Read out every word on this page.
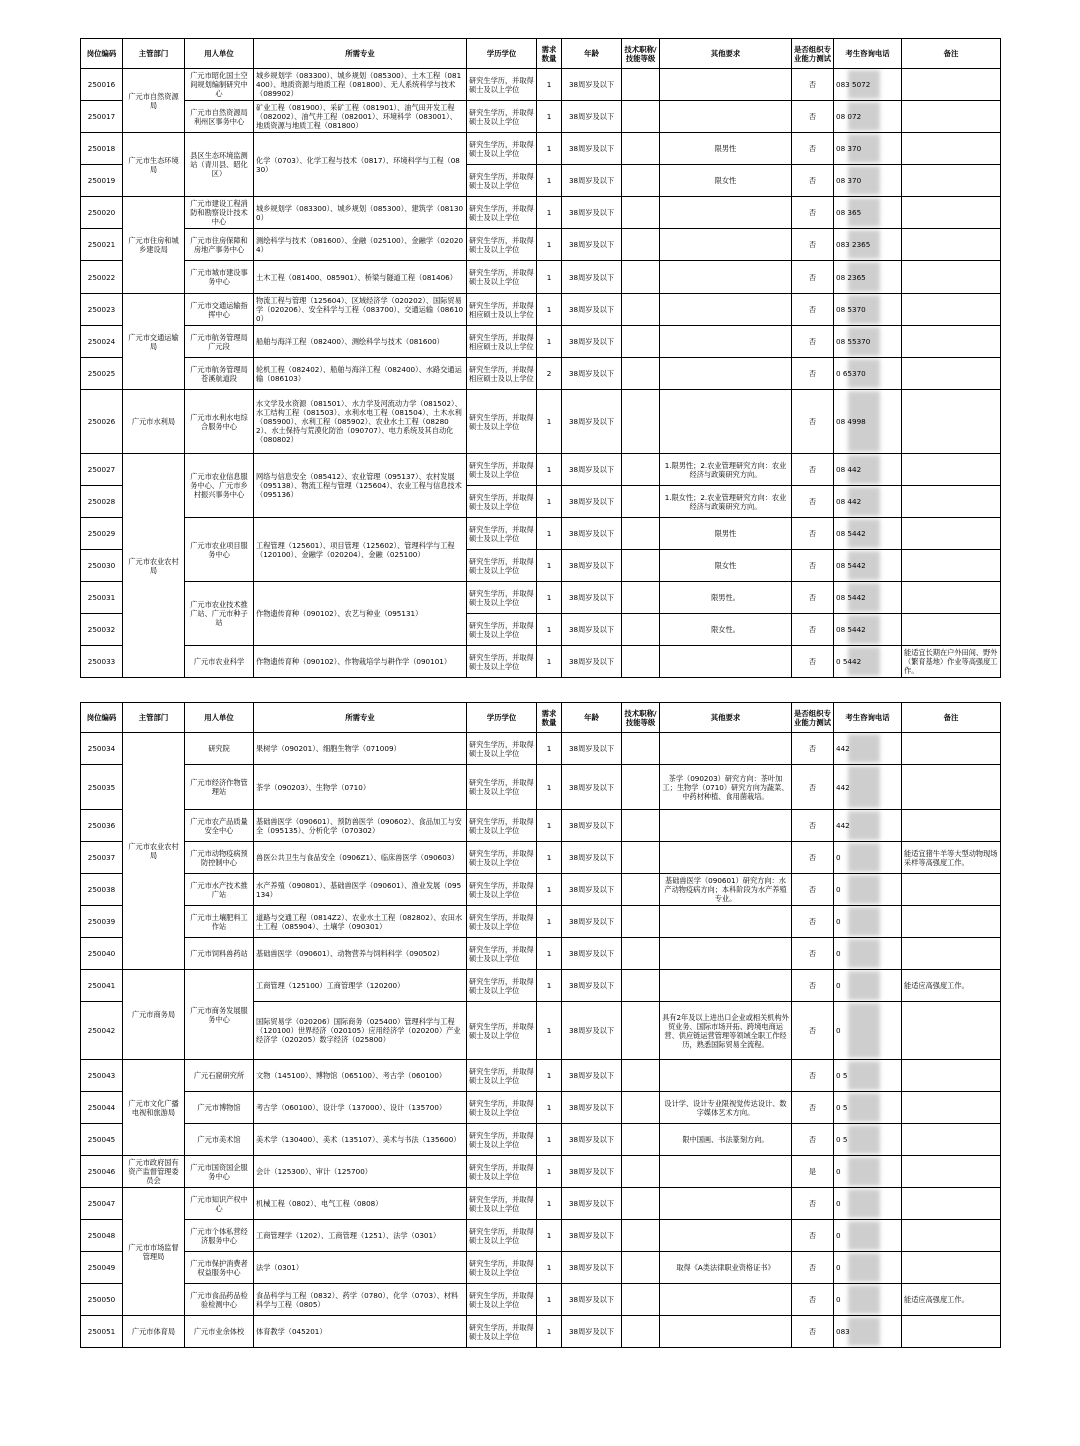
岗位编码	主管部门	用人单位	所需专业	学历学位	需求数量	年龄	技术职称/技能等级	其他要求	是否组织专业能力测试	考生咨询电话	备注
250016	广元市自然资源局	广元市昭化国土空间规划编制研究中心	城乡规划学（083300）、城乡规划（085300）、土木工程（081400）、地质资源与地质工程（081800）、无人系统科学与技术（089902）	研究生学历，并取得硕士及以上学位	1	38周岁及以下			否	083 5072	
250017		广元市自然资源局利州区事务中心	矿业工程（081900）、采矿工程（081901）、油气田开发工程（082002）、油气井工程（082001）、环境科学（083001）、地质资源与地质工程（081800）	研究生学历，并取得硕士及以上学位	1	38周岁及以下			否	08 072	
250018	广元市生态环境局	县区生态环境监测站（青川县、昭化区）	化学（0703）、化学工程与技术（0817）、环境科学与工程（0830）	研究生学历，并取得硕士及以上学位	1	38周岁及以下		限男性	否	08 370	
250019				研究生学历，并取得硕士及以上学位	1	38周岁及以下		限女性	否	08 370	
250020	广元市住房和城乡建设局	广元市建设工程消防和勘察设计技术中心	城乡规划学（083300）、城乡规划（085300）、建筑学（081300）	研究生学历，并取得硕士及以上学位	1	38周岁及以下			否	08 365	
250021		广元市住房保障和房地产事务中心	测绘科学与技术（081600）、金融（025100）、金融学（020204）	研究生学历，并取得硕士及以上学位	1	38周岁及以下			否	083 2365	
250022		广元市城市建设事务中心	土木工程（081400、085901）、桥梁与隧道工程（081406）	研究生学历，并取得硕士及以上学位	1	38周岁及以下			否	08 2365	
250023	广元市交通运输局	广元市交通运输指挥中心	物流工程与管理（125604）、区域经济学（020202）、国际贸易学（020206）、安全科学与工程（083700）、交通运输（086100）	研究生学历，并取得相应硕士及以上学位	1	38周岁及以下			否	08 5370	
250024		广元市航务管理局广元段	船舶与海洋工程（082400）、测绘科学与技术（081600）	研究生学历，并取得相应硕士及以上学位	1	38周岁及以下			否	08 55370	
250025		广元市航务管理局苍溪航道段	轮机工程（082402）、船舶与海洋工程（082400）、水路交通运输（086103）	研究生学历，并取得相应硕士及以上学位	2	38周岁及以下			否	0 65370	
250026	广元市水利局	广元市水利水电综合服务中心	水文学及水资源（081501）、水力学及河流动力学（081502）、水工结构工程（081503）、水利水电工程（081504）、土木水利（085900）、水利工程（085902）、农业水土工程（082802）、水土保持与荒漠化防治（090707）、电力系统及其自动化（080802）	研究生学历，并取得硕士及以上学位	1	38周岁及以下			否	08 4998	
250027	广元市农业农村局	广元市农业信息服务中心、广元市乡村振兴事务中心	网络与信息安全（085412）、农业管理（095137）、农村发展（095138）、物流工程与管理（125604）、农业工程与信息技术（095136）	研究生学历，并取得硕士及以上学位	1	38周岁及以下		1.限男性；2.农业管理研究方向：农业经济与政策研究方向。	否	08 442	
250028				研究生学历，并取得硕士及以上学位	1	38周岁及以下		1.限女性；2.农业管理研究方向：农业经济与政策研究方向。	否	08 442	
250029		广元市农业项目服务中心	工程管理（125601）、项目管理（125602）、管理科学与工程（120100）、金融学（020204）、金融（025100）	研究生学历，并取得硕士及以上学位	1	38周岁及以下		限男性	否	08 5442	
250030				研究生学历，并取得硕士及以上学位	1	38周岁及以下		限女性	否	08 5442	
250031		广元市农业技术推广站、广元市种子站	作物遗传育种（090102）、农艺与种业（095131）	研究生学历，并取得硕士及以上学位	1	38周岁及以下		限男性。	否	08 5442	
250032				研究生学历，并取得硕士及以上学位	1	38周岁及以下		限女性。	否	08 5442	
250033		广元市农业科学	作物遗传育种（090102）、作物栽培学与耕作学（090101）	研究生学历，并取得硕士及以上学位	1	38周岁及以下			否	0 5442	能适宜长期在户外田间、野外（繁育基地）作业等高强度工作。
岗位编码	主管部门	用人单位	所需专业	学历学位	需求数量	年龄	技术职称/技能等级	其他要求	是否组织专业能力测试	考生咨询电话	备注
250034	广元市农业农村局	研究院	果树学（090201）、细胞生物学（071009）	研究生学历，并取得硕士及以上学位	1	38周岁及以下			否	442	
250035		广元市经济作物管理站	茶学（090203）、生物学（0710）	研究生学历，并取得硕士及以上学位	1	38周岁及以下		茶学（090203）研究方向：茶叶加工；生物学（0710）研究方向为蔬菜、中药材种植、食用菌栽培。	否	442	
250036		广元市农产品质量安全中心	基础兽医学（090601）、预防兽医学（090602）、食品加工与安全（095135）、分析化学（070302）	研究生学历，并取得硕士及以上学位	1	38周岁及以下			否	442	
250037		广元市动物疫病预防控制中心	兽医公共卫生与食品安全（0906Z1）、临床兽医学（090603）	研究生学历，并取得硕士及以上学位	1	38周岁及以下			否	0	能适宜猪牛羊等大型动物现场采样等高强度工作。
250038		广元市水产技术推广站	水产养殖（090801）、基础兽医学（090601）、渔业发展（095134）	研究生学历，并取得硕士及以上学位	1	38周岁及以下		基础兽医学（090601）研究方向：水产动物疫病方向；本科阶段为水产养殖专业。	否	0	
250039		广元市土壤肥料工作站	道路与交通工程（0814Z2）、农业水土工程（082802）、农田水土工程（085904）、土壤学（090301）	研究生学历，并取得硕士及以上学位	1	38周岁及以下			否	0	
250040		广元市饲料兽药站	基础兽医学（090601）、动物营养与饲料科学（090502）	研究生学历，并取得硕士及以上学位	1	38周岁及以下			否	0	
250041	广元市商务局	广元市商务发展服务中心	工商管理（125100）工商管理学（120200）	研究生学历，并取得硕士及以上学位	1	38周岁及以下			否	0	能适应高强度工作。
250042			国际贸易学（020206）国际商务（025400）管理科学与工程（120100）世界经济（020105）应用经济学（020200）产业经济学（020205）数字经济（025800）	研究生学历，并取得硕士及以上学位	1	38周岁及以下		具有2年及以上进出口企业或相关机构外贸业务、国际市场开拓、跨境电商运营、供应链运营管理等领域全职工作经历，熟悉国际贸易全流程。	否	0	
250043	广元市文化广播电视和旅游局	广元石窟研究所	文物（145100）、博物馆（065100）、考古学（060100）	研究生学历，并取得硕士及以上学位	1	38周岁及以下			否	0 5	
250044		广元市博物馆	考古学（060100）、设计学（137000）、设计（135700）	研究生学历，并取得硕士及以上学位	1	38周岁及以下		设计学、设计专业限视觉传达设计、数字媒体艺术方向。	否	0 5	
250045		广元市美术馆	美术学（130400）、美术（135107）、美术与书法（135600）	研究生学历，并取得硕士及以上学位	1	38周岁及以下		限中国画、书法篆刻方向。	否	0 5	
250046	广元市政府国有资产监督管理委员会	广元市国资国企服务中心	会计（125300）、审计（125700）	研究生学历，并取得硕士及以上学位	1	38周岁及以下			是	0	
250047	广元市市场监督管理局	广元市知识产权中心	机械工程（0802）、电气工程（0808）	研究生学历，并取得硕士及以上学位	1	38周岁及以下			否	0	
250048		广元市个体私营经济服务中心	工商管理学（1202）、工商管理（1251）、法学（0301）	研究生学历，并取得硕士及以上学位	1	38周岁及以下			否	0	
250049		广元市保护消费者权益服务中心	法学（0301）	研究生学历，并取得硕士及以上学位	1	38周岁及以下		取得《A类法律职业资格证书》	否	0	
250050		广元市食品药品检验检测中心	食品科学与工程（0832）、药学（0780）、化学（0703）、材料科学与工程（0805）	研究生学历，并取得硕士及以上学位	1	38周岁及以下			否	0	能适应高强度工作。
250051	广元市体育局	广元市业余体校	体育教学（045201）	研究生学历，并取得硕士及以上学位	1	38周岁及以下			否	083	
